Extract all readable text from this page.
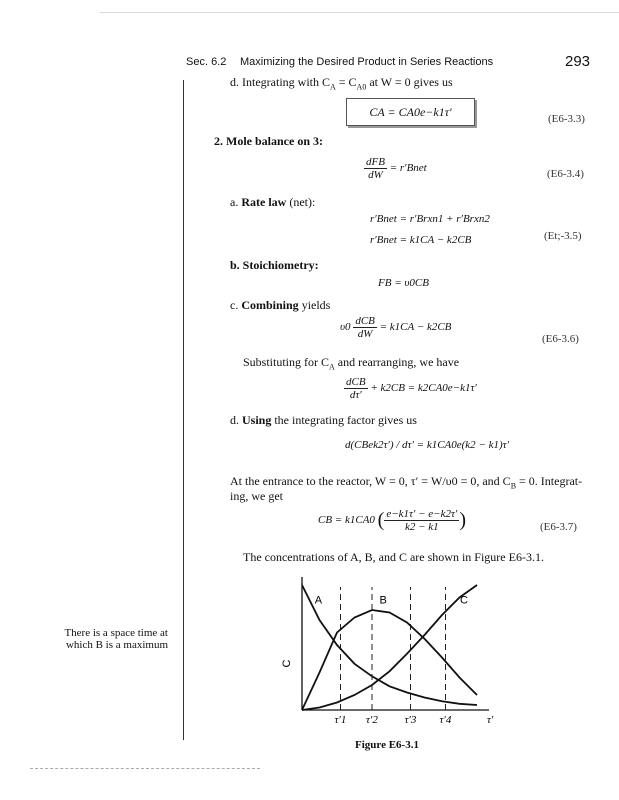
Sec. 6.2 Maximizing the Desired Product in Series Reactions	293
d. Integrating with $C_A = C_{A0}$ at W = 0 gives us
CA = CA0e−k1τ′	(E6-3.3)
2. Mole balance on 3:
$\frac{\text{dFB}}{dW}$ = r′Bnet	(E6-3.4)
a. Rate law (net):
r′Bnet = r′Brxn1 + r′Brxn2
r′Bnet = k1CA − k2CB	(Et;-3.5)
b. Stoichiometry:
FB = υ0CB
c. Combining yields
$\upsilon 0 \frac{\text{dCB}}{dW} = k1CA - k2CB$
(E6-3.6)
Substituting for $C_A$ and rearranging, we have
$\frac{\text{dCB}}{d\tau'} + k2CB = k2CA0e-k1\tau'$
d. Using the integrating factor gives us
d(CBek2τ′) / dτ′ = k1CA0e(k2 − k1)τ′
At the entrance to the reactor, W = 0, τ′ = W/υ0 = 0, and $C_B = 0$. Integrat-
ing, we get
CB = k1CA0 ( $\frac{e-k1\tau' - e-k2\tau'}{k2 - k1}$ )	(E6-3.7)
The concentrations of A, B, and C are shown in Figure E6-3.1.
There is a space time at which B is a maximum
τ′1 τ′2 τ′3 τ′4
A	B	C
C
τ′
Figure E6-3.1
